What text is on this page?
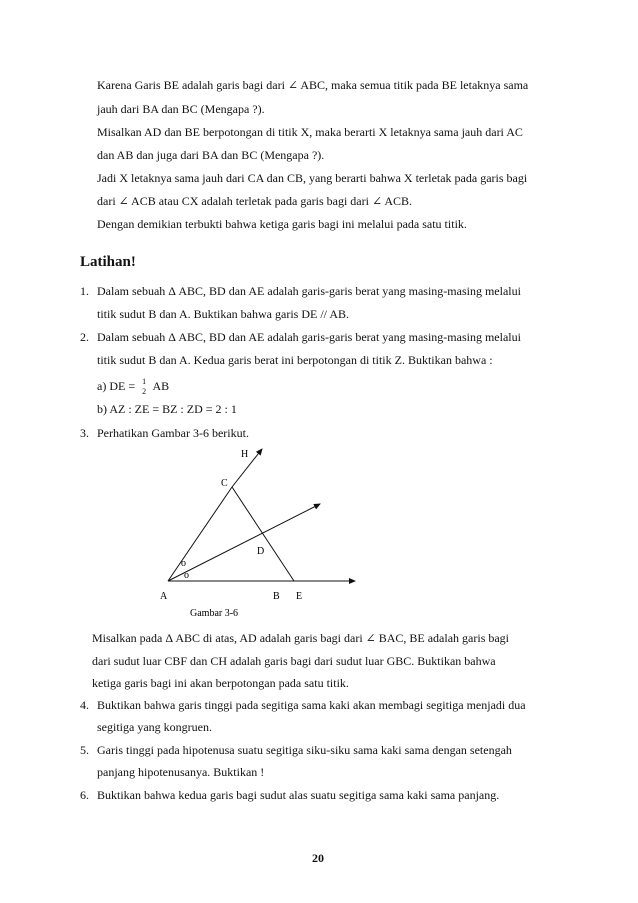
Karena Garis BE adalah garis bagi dari ∠ ABC, maka semua titik pada BE letaknya sama
jauh dari BA dan BC (Mengapa ?).
Misalkan AD dan BE berpotongan di titik X, maka berarti X letaknya sama jauh dari AC
dan AB dan juga dari BA dan BC (Mengapa ?).
Jadi X letaknya sama jauh dari CA dan CB, yang berarti bahwa X terletak pada garis bagi
dari ∠ ACB atau CX adalah terletak pada garis bagi dari ∠ ACB.
Dengan demikian terbukti bahwa ketiga garis bagi ini melalui pada satu titik.
Latihan!
1. Dalam sebuah Δ ABC, BD dan AE adalah garis-garis berat yang masing-masing melalui
titik sudut B dan A. Buktikan bahwa garis DE // AB.
2. Dalam sebuah Δ ABC, BD dan AE adalah garis-garis berat yang masing-masing melalui
titik sudut B dan A. Kedua garis berat ini berpotongan di titik Z. Buktikan bahwa :
a) DE = 1
2 AB
b) AZ : ZE = BZ : ZD = 2 : 1
3. Perhatikan Gambar 3-6 berikut.
H
C
D
o
o
A	B E
Gambar 3-6
Misalkan pada Δ ABC di atas, AD adalah garis bagi dari ∠ BAC, BE adalah garis bagi
dari sudut luar CBF dan CH adalah garis bagi dari sudut luar GBC. Buktikan bahwa
ketiga garis bagi ini akan berpotongan pada satu titik.
4. Buktikan bahwa garis tinggi pada segitiga sama kaki akan membagi segitiga menjadi dua
segitiga yang kongruen.
5. Garis tinggi pada hipotenusa suatu segitiga siku-siku sama kaki sama dengan setengah
panjang hipotenusanya. Buktikan !
6. Buktikan bahwa kedua garis bagi sudut alas suatu segitiga sama kaki sama panjang.
20
